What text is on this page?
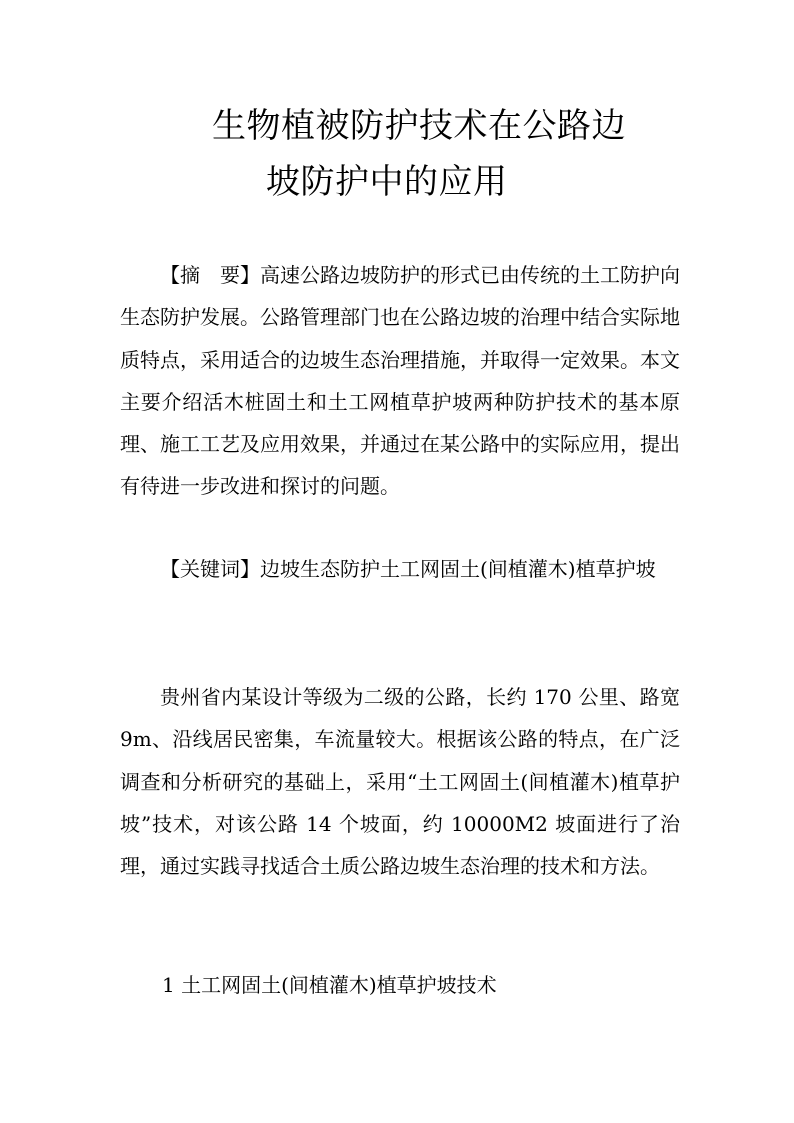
生物植被防护技术在公路边
坡防护中的应用

【摘　要】高速公路边坡防护的形式已由传统的土工防护向生态防护发展。公路管理部门也在公路边坡的治理中结合实际地质特点，采用适合的边坡生态治理措施，并取得一定效果。本文主要介绍活木桩固土和土工网植草护坡两种防护技术的基本原理、施工工艺及应用效果，并通过在某公路中的实际应用，提出有待进一步改进和探讨的问题。

【关键词】边坡生态防护土工网固土(间植灌木)植草护坡

贵州省内某设计等级为二级的公路，长约 170 公里、路宽 9m、沿线居民密集，车流量较大。根据该公路的特点，在广泛调查和分析研究的基础上，采用“土工网固土(间植灌木)植草护坡”技术，对该公路 14 个坡面，约 10000M2 坡面进行了治理，通过实践寻找适合土质公路边坡生态治理的技术和方法。

1 土工网固土(间植灌木)植草护坡技术
